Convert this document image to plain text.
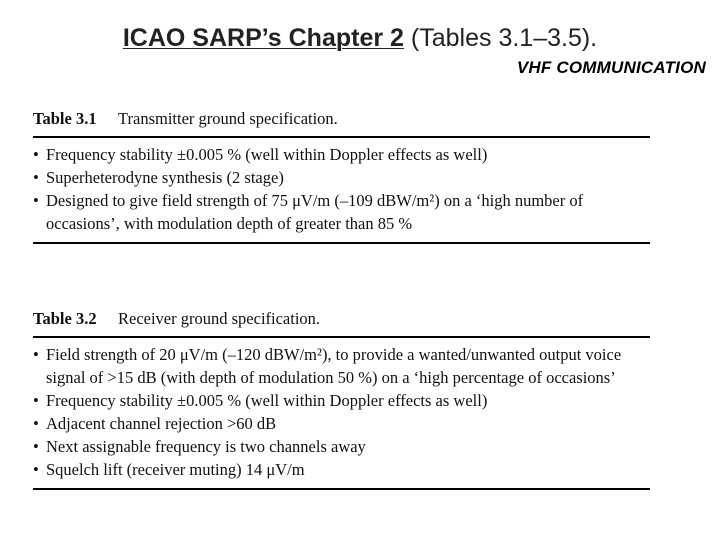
ICAO SARP’s Chapter 2 (Tables 3.1–3.5).
VHF COMMUNICATION
Table 3.1 Transmitter ground specification.
• Frequency stability ±0.005 % (well within Doppler effects as well)
• Superheterodyne synthesis (2 stage)
• Designed to give field strength of 75 μV/m (–109 dBW/m²) on a ‘high number of occasions’, with modulation depth of greater than 85 %
Table 3.2 Receiver ground specification.
• Field strength of 20 μV/m (–120 dBW/m²), to provide a wanted/unwanted output voice signal of >15 dB (with depth of modulation 50 %) on a ‘high percentage of occasions’
• Frequency stability ±0.005 % (well within Doppler effects as well)
• Adjacent channel rejection >60 dB
• Next assignable frequency is two channels away
• Squelch lift (receiver muting) 14 μV/m
